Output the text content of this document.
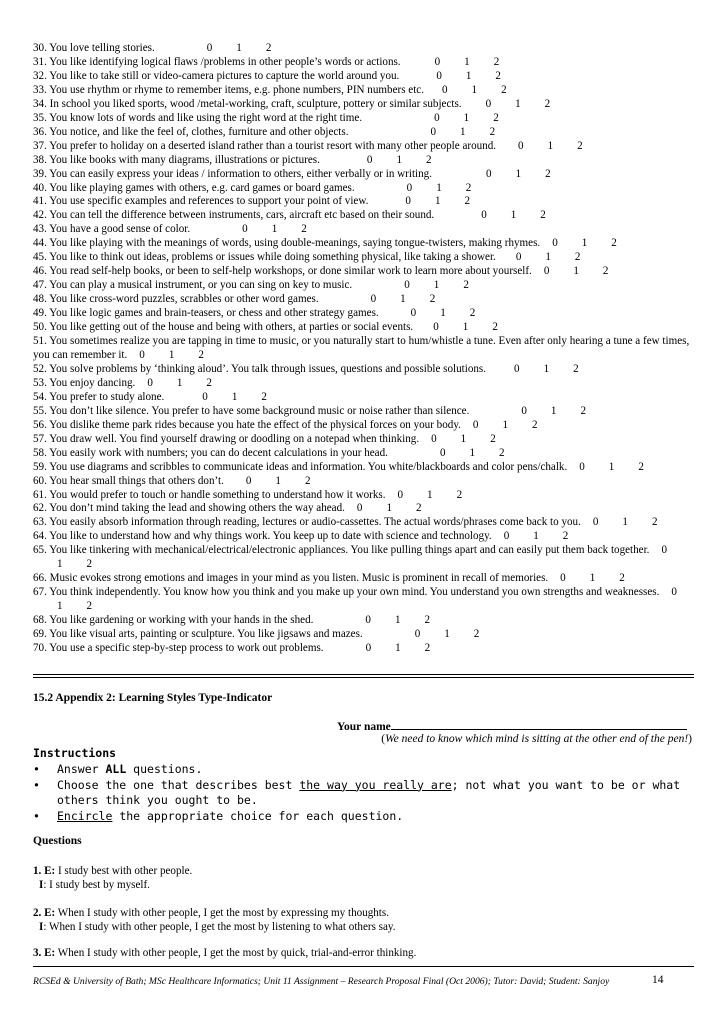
30. You love telling stories.	0 1 2
31. You like identifying logical flaws /problems in other people’s words or actions.	0 1 2
32. You like to take still or video-camera pictures to capture the world around you.	0 1 2
33. You use rhythm or rhyme to remember items, e.g. phone numbers, PIN numbers etc. 0 1 2
34. In school you liked sports, wood /metal-working, craft, sculpture, pottery or similar subjects. 0 1 2
35. You know lots of words and like using the right word at the right time.	0 1 2
36. You notice, and like the feel of, clothes, furniture and other objects.	0 1 2
37. You prefer to holiday on a deserted island rather than a tourist resort with many other people around. 0 1 2
38. You like books with many diagrams, illustrations or pictures.	0 1 2
39. You can easily express your ideas / information to others, either verbally or in writing.	0 1 2
40. You like playing games with others, e.g. card games or board games.	0 1 2
41. You use specific examples and references to support your point of view.	0 1 2
42. You can tell the difference between instruments, cars, aircraft etc based on their sound.	0 1 2
43. You have a good sense of color.	0 1 2
44. You like playing with the meanings of words, using double-meanings, saying tongue-twisters, making rhymes. 0 1 2
45. You like to think out ideas, problems or issues while doing something physical, like taking a shower. 0 1 2
46. You read self-help books, or been to self-help workshops, or done similar work to learn more about yourself. 0 1 2
47. You can play a musical instrument, or you can sing on key to music.	0 1 2
48. You like cross-word puzzles, scrabbles or other word games.	0 1 2
49. You like logic games and brain-teasers, or chess and other strategy games.	0 1 2
50. You like getting out of the house and being with others, at parties or social events. 0 1 2
51. You sometimes realize you are tapping in time to music, or you naturally start to hum/whistle a tune. Even after only hearing a tune a few times, you can remember it. 0 1 2
52. You solve problems by ‘thinking aloud’. You talk through issues, questions and possible solutions.	0 1 2
53. You enjoy dancing. 0 1 2
54. You prefer to study alone.	0 1 2
55. You don’t like silence. You prefer to have some background music or noise rather than silence.	0 1 2
56. You dislike theme park rides because you hate the effect of the physical forces on your body. 0 1 2
57. You draw well. You find yourself drawing or doodling on a notepad when thinking. 0 1 2
58. You easily work with numbers; you can do decent calculations in your head.	0 1 2
59. You use diagrams and scribbles to communicate ideas and information. You white/blackboards and color pens/chalk. 0 1 2
60. You hear small things that others don’t. 0 1 2
61. You would prefer to touch or handle something to understand how it works. 0 1 2
62. You don’t mind taking the lead and showing others the way ahead. 0 1 2
63. You easily absorb information through reading, lectures or audio-cassettes. The actual words/phrases come back to you. 0 1 2
64. You like to understand how and why things work. You keep up to date with science and technology. 0 1 2
65. You like tinkering with mechanical/electrical/electronic appliances. You like pulling things apart and can easily put them back together. 01 2
66. Music evokes strong emotions and images in your mind as you listen. Music is prominent in recall of memories. 0 1 2
67. You think independently. You know how you think and you make up your own mind. You understand you own strengths and weaknesses. 01 2
68. You like gardening or working with your hands in the shed.	0 1 2
69. You like visual arts, painting or sculpture. You like jigsaws and mazes.	0 1 2
70. You use a specific step-by-step process to work out problems.	0 1 2
15.2 Appendix 2: Learning Styles Type-Indicator
Your name
(We need to know which mind is sitting at the other end of the pen!)
Instructions
• Answer ALL questions.
• Choose the one that describes best the way you really are; not what you want to be or what others think you ought to be.
• Encircle the appropriate choice for each question.
Questions
1. E: I study best with other people.
I: I study best by myself.
2. E: When I study with other people, I get the most by expressing my thoughts.
I: When I study with other people, I get the most by listening to what others say.
3. E: When I study with other people, I get the most by quick, trial-and-error thinking.
RCSEd & University of Bath; MSc Healthcare Informatics; Unit 11 Assignment – Research Proposal Final (Oct 2006); Tutor: David; Student: Sanjoy	14
